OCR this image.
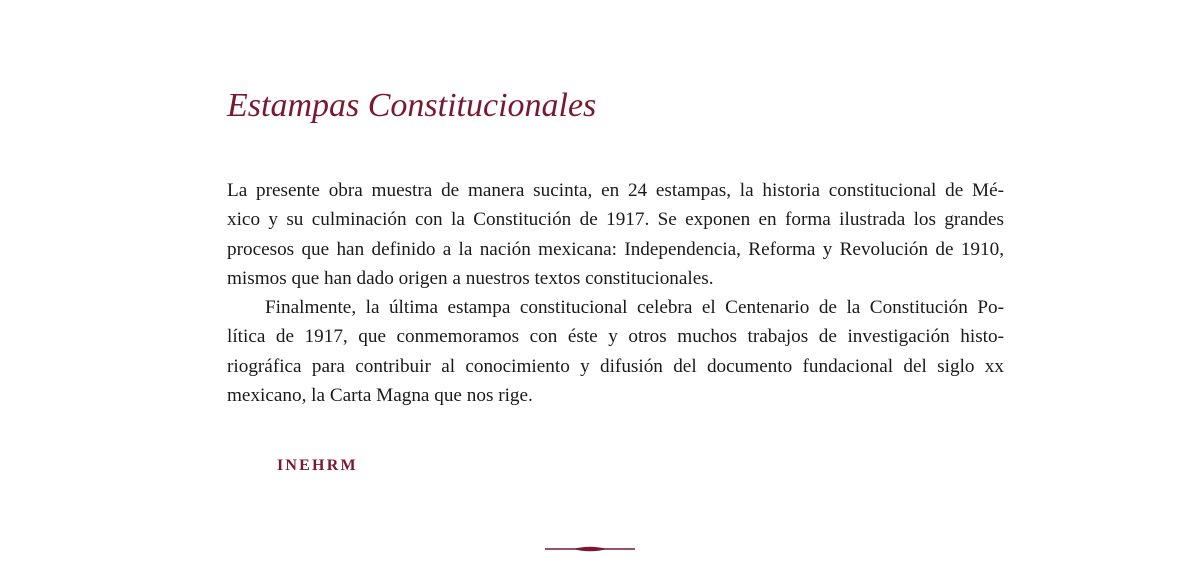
Estampas Constitucionales
La presente obra muestra de manera sucinta, en 24 estampas, la historia constitucional de Mé-
xico y su culminación con la Constitución de 1917. Se exponen en forma ilustrada los grandes
procesos que han definido a la nación mexicana: Independencia, Reforma y Revolución de 1910,
mismos que han dado origen a nuestros textos constitucionales.
Finalmente, la última estampa constitucional celebra el Centenario de la Constitución Po-
lítica de 1917, que conmemoramos con éste y otros muchos trabajos de investigación histo-
riográfica para contribuir al conocimiento y difusión del documento fundacional del siglo xx
mexicano, la Carta Magna que nos rige.
INEHRM
